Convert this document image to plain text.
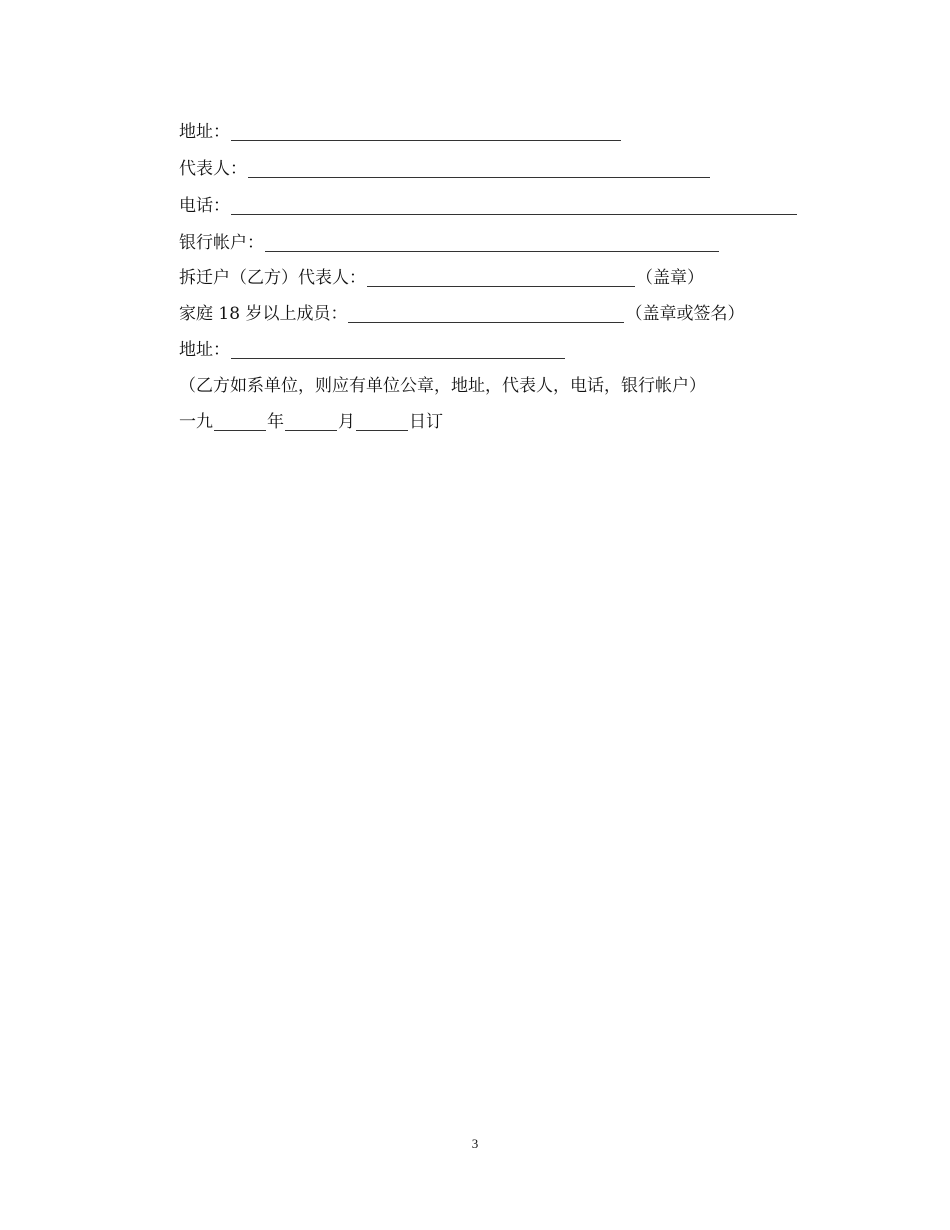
地址：
代表人：
电话：
银行帐户：
拆迁户（乙方）代表人：	（盖章）
家庭 18 岁以上成员：	（盖章或签名）
地址：
（乙方如系单位，则应有单位公章，地址，代表人，电话，银行帐户）
一九	年	月	日订
3
